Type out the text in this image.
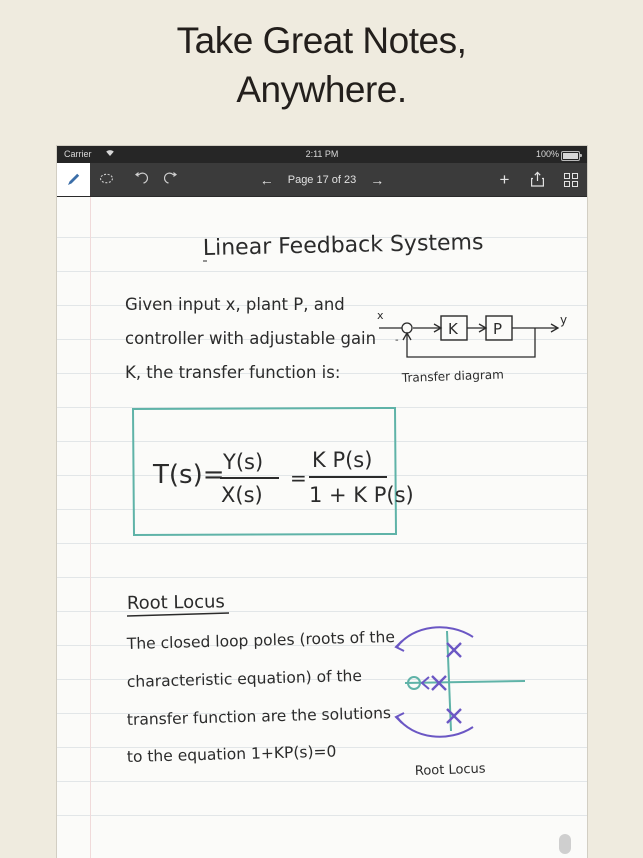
Take Great Notes,
Anywhere.
Carrier	2:11 PM	100%
← Page 17 of 23 →	+
Linear Feedback Systems
Given input x, plant P, and
controller with adjustable gain
K, the transfer function is:
x
-
K P	y
Transfer diagram
T(s)=
Y(s)
X(s)
=
K P(s)
1 + K P(s)
Root Locus
The closed loop poles (roots of the
characteristic equation) of the
transfer function are the solutions
to the equation 1+KP(s)=0
Root Locus
